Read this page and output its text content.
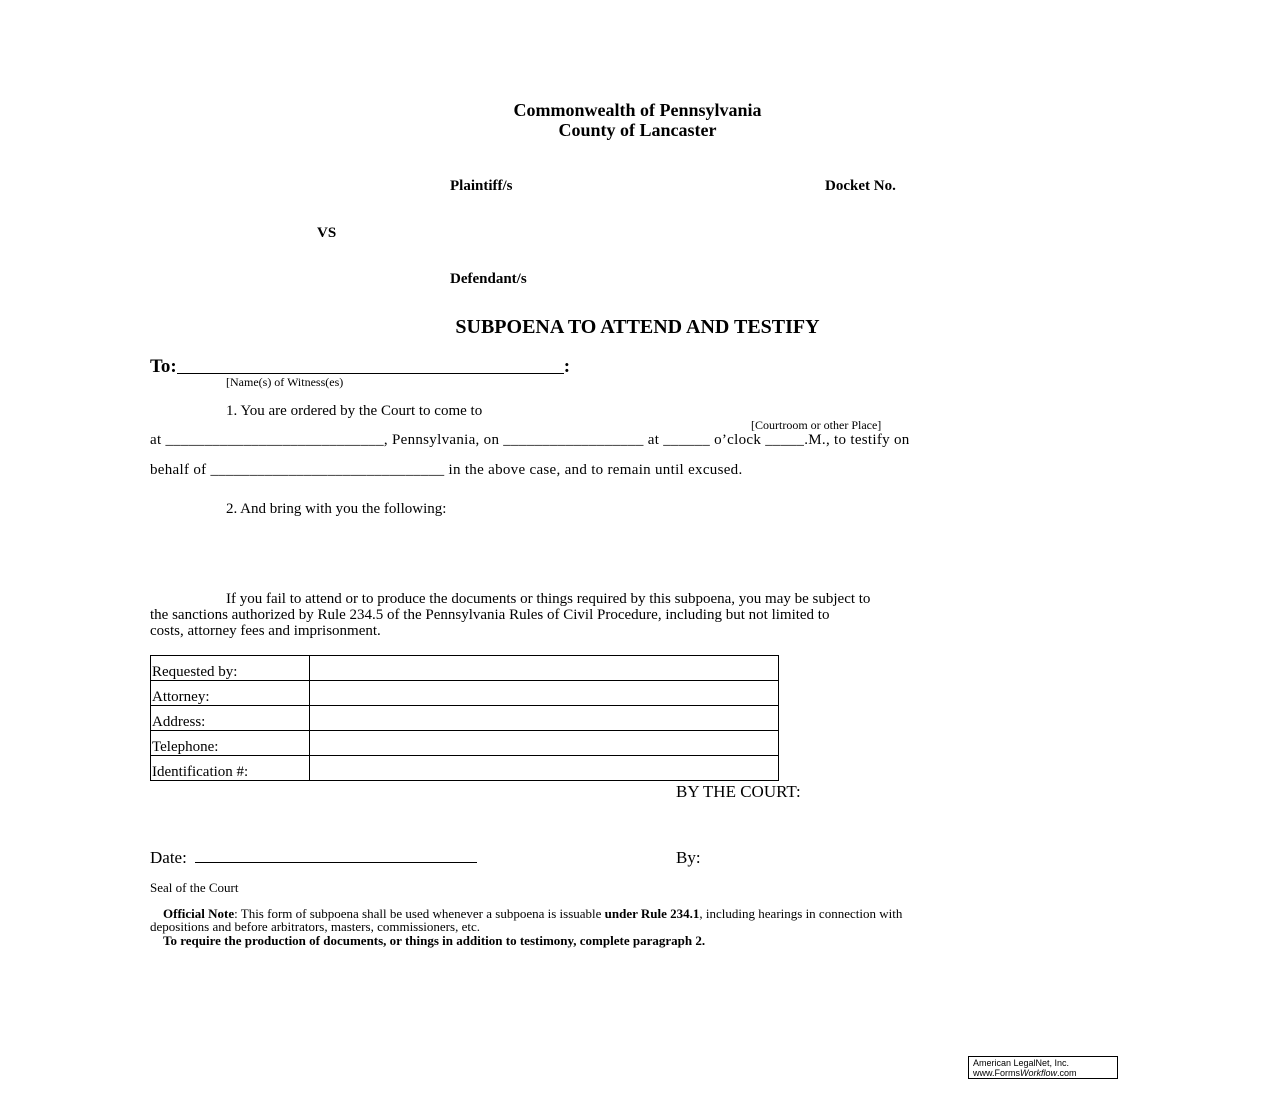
Commonwealth of Pennsylvania
County of Lancaster
Plaintiff/s	Docket No.
VS
Defendant/s
SUBPOENA TO ATTEND AND TESTIFY
To:	:
[Name(s) of Witness(es)
1. You are ordered by the Court to come to
[Courtroom or other Place]
at ____________________________, Pennsylvania, on __________________ at ______ o’clock _____.M., to testify on
behalf of ______________________________ in the above case, and to remain until excused.
2. And bring with you the following:
If you fail to attend or to produce the documents or things required by this subpoena, you may be subject to
the sanctions authorized by Rule 234.5 of the Pennsylvania Rules of Civil Procedure, including but not limited to
costs, attorney fees and imprisonment.
Requested by:	
Attorney:	
Address:	
Telephone:	
Identification #:	
BY THE COURT:
Date:	By:
Seal of the Court
Official Note: This form of subpoena shall be used whenever a subpoena is issuable under Rule 234.1, including hearings in connection with
depositions and before arbitrators, masters, commissioners, etc.
To require the production of documents, or things in addition to testimony, complete paragraph 2.
American LegalNet, Inc.
www.FormsWorkflow.com
